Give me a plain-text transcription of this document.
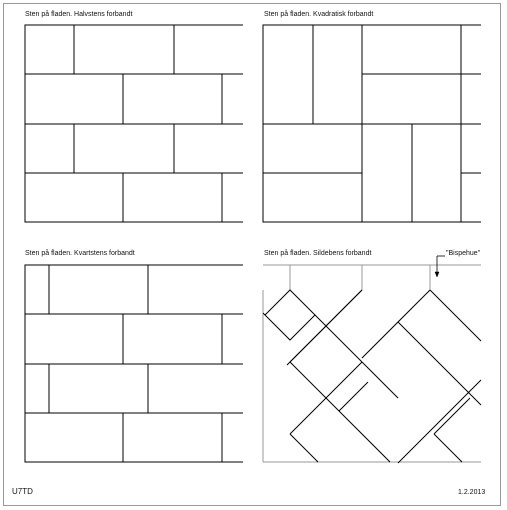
Sten på fladen. Halvstens forbandt	Sten på fladen. Kvadratisk forbandt
Sten på fladen. Kvartstens forbandt	Sten på fladen. Sildebens forbandt	"Bispehue"
U7TD	1.2.2013
